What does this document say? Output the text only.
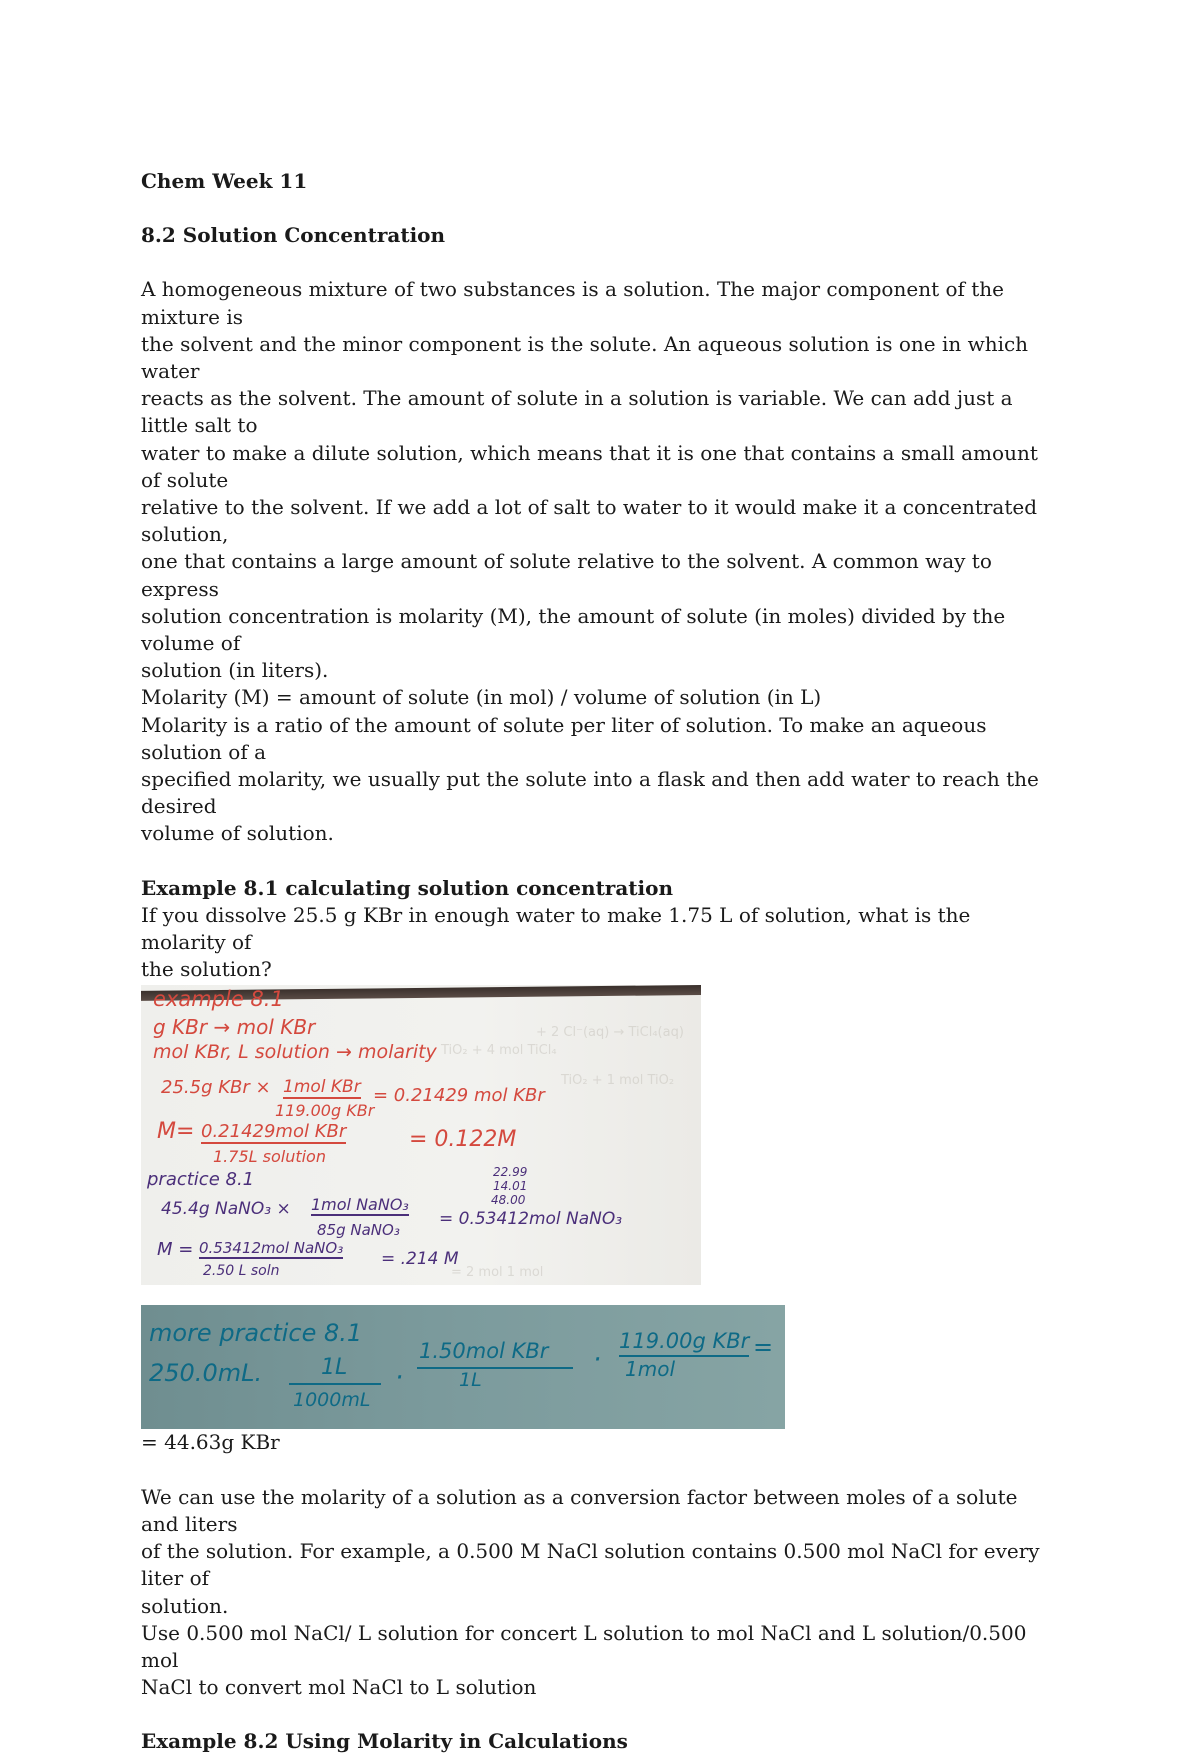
Chem Week 11

8.2 Solution Concentration

A homogeneous mixture of two substances is a solution. The major component of the mixture is

the solvent and the minor component is the solute. An aqueous solution is one in which water

reacts as the solvent. The amount of solute in a solution is variable. We can add just a little salt to

water to make a dilute solution, which means that it is one that contains a small amount of solute

relative to the solvent. If we add a lot of salt to water to it would make it a concentrated solution,

one that contains a large amount of solute relative to the solvent. A common way to express

solution concentration is molarity (M), the amount of solute (in moles) divided by the volume of

solution (in liters).

Molarity (M) = amount of solute (in mol) / volume of solution (in L)

Molarity is a ratio of the amount of solute per liter of solution. To make an aqueous solution of a

specified molarity, we usually put the solute into a flask and then add water to reach the desired

volume of solution.

Example 8.1 calculating solution concentration

If you dissolve 25.5 g KBr in enough water to make 1.75 L of solution, what is the molarity of

the solution?

+ 2 Cl⁻(aq) → TiCl₄(aq)
TiO₂ + 4 mol TiCl₄
TiO₂ + 1 mol TiO₂
= 2 mol 1 mol
example 8.1
g KBr → mol KBr
mol KBr, L solution → molarity
25.5g KBr × 1mol KBr
119.00g KBr
= 0.21429 mol KBr
M= 0.21429mol KBr
1.75L solution
= 0.122M
practice 8.1	22.99
14.01
48.00
45.4g NaNO₃ × 1mol NaNO₃
85g NaNO₃
= 0.53412mol NaNO₃
M = 0.53412mol NaNO₃
2.50 L soln
= .214 M
more practice 8.1
250.0mL.	1L
1000mL
·
1.50mol KBr
1L
·
119.00g KBr
1mol
=

= 44.63g KBr

We can use the molarity of a solution as a conversion factor between moles of a solute and liters

of the solution. For example, a 0.500 M NaCl solution contains 0.500 mol NaCl for every liter of

solution.

Use 0.500 mol NaCl/ L solution for concert L solution to mol NaCl and L solution/0.500 mol

NaCl to convert mol NaCl to L solution

Example 8.2 Using Molarity in Calculations
